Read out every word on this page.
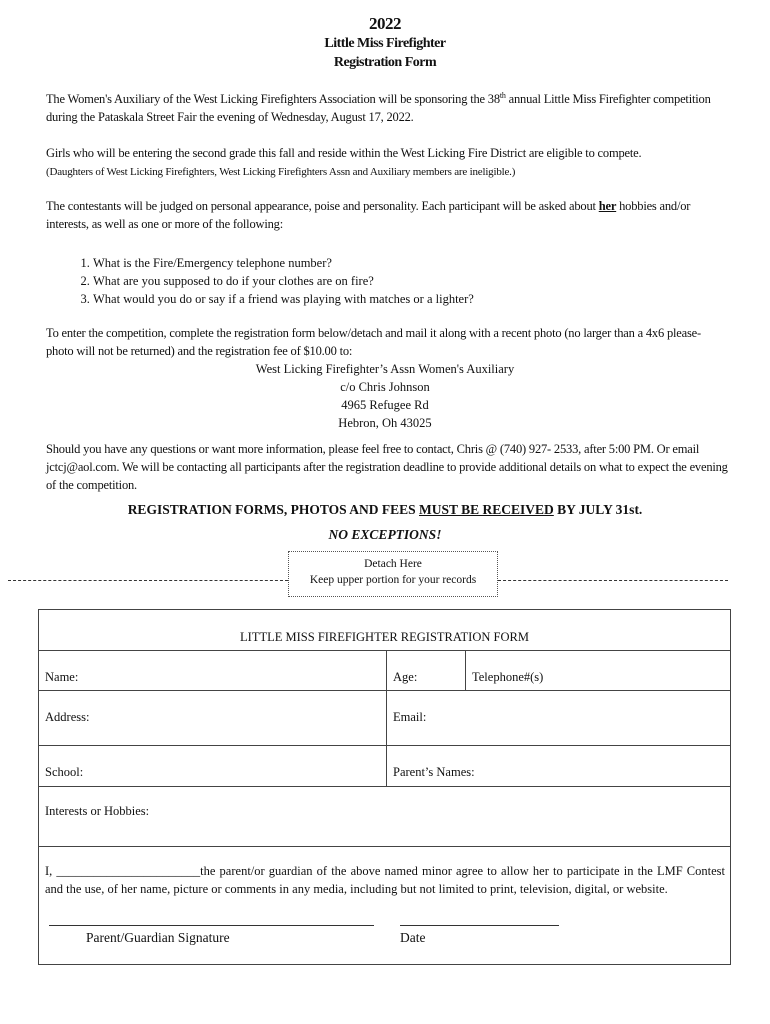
2022
Little Miss Firefighter
Registration Form
The Women's Auxiliary of the West Licking Firefighters Association will be sponsoring the 38th annual Little Miss Firefighter competition during the Pataskala Street Fair the evening of Wednesday, August 17, 2022.
Girls who will be entering the second grade this fall and reside within the West Licking Fire District are eligible to compete.
(Daughters of West Licking Firefighters, West Licking Firefighters Assn and Auxiliary members are ineligible.)
The contestants will be judged on personal appearance, poise and personality. Each participant will be asked about her hobbies and/or interests, as well as one or more of the following:
1. What is the Fire/Emergency telephone number?
2. What are you supposed to do if your clothes are on fire?
3. What would you do or say if a friend was playing with matches or a lighter?
To enter the competition, complete the registration form below/detach and mail it along with a recent photo (no larger than a 4x6 please- photo will not be returned) and the registration fee of $10.00 to:
West Licking Firefighter’s Assn Women's Auxiliary
c/o Chris Johnson
4965 Refugee Rd
Hebron, Oh 43025
Should you have any questions or want more information, please feel free to contact, Chris @ (740) 927- 2533, after 5:00 PM. Or email jctcj@aol.com. We will be contacting all participants after the registration deadline to provide additional details on what to expect the evening of the competition.
REGISTRATION FORMS, PHOTOS AND FEES MUST BE RECEIVED BY JULY 31st.
NO EXCEPTIONS!
Detach Here
Keep upper portion for your records
LITTLE MISS FIREFIGHTER REGISTRATION FORM
Name:	Age:	Telephone#(s)
Address:	Email:
School:	Parent’s Names:
Interests or Hobbies:
I, _______________________the parent/or guardian of the above named minor agree to allow her to participate in the LMF Contest and the use, of her name, picture or comments in any media, including but not limited to print, television, digital, or website.
Parent/Guardian Signature	Date
